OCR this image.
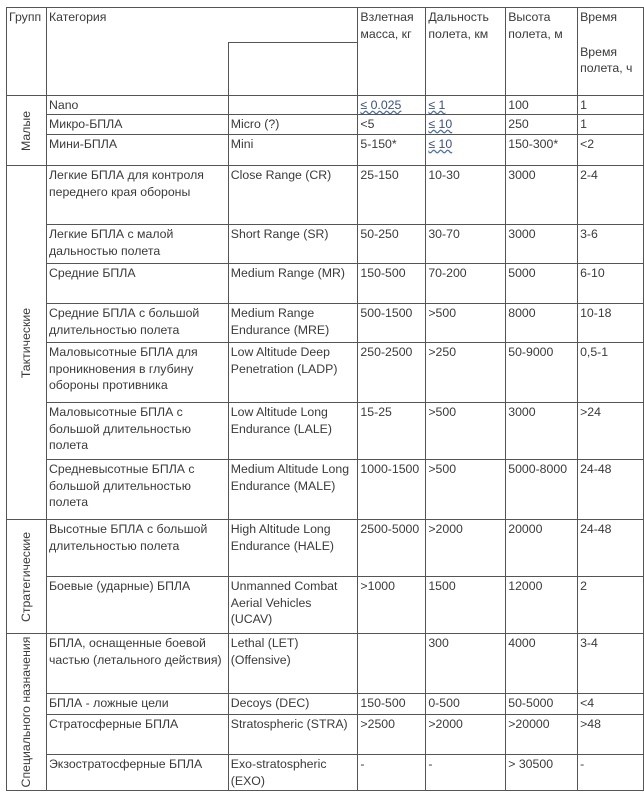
Групп	Категория		Взлетная масса, кг	Дальность полета, км	Высота полета, м	Время
						Время полета, ч

Малые	Nano		≤ 0.025	≤ 1	100	1
	Микро-БПЛА	Micro (?)	<5	≤ 10	250	1
	Мини-БПЛА	Mini	5-150*	≤ 10	150-300*	<2

Тактические	Легкие БПЛА для контроля переднего края обороны	Close Range (CR)	25-150	10-30	3000	2-4
	Легкие БПЛА с малой дальностью полета	Short Range (SR)	50-250	30-70	3000	3-6
	Средние БПЛА	Medium Range (MR)	150-500	70-200	5000	6-10
	Средние БПЛА с большой длительностью полета	Medium Range Endurance (MRE)	500-1500	>500	8000	10-18
	Маловысотные БПЛА для проникновения в глубину обороны противника	Low Altitude Deep Penetration (LADP)	250-2500	>250	50-9000	0,5-1
	Маловысотные БПЛА с большой длительностью полета	Low Altitude Long Endurance (LALE)	15-25	>500	3000	>24
	Средневысотные БПЛА с большой длительностью полета	Medium Altitude Long Endurance (MALE)	1000-1500	>500	5000-8000	24-48

Стратегические	Высотные БПЛА с большой длительностью полета	High Altitude Long Endurance (HALE)	2500-5000	>2000	20000	24-48
	Боевые (ударные) БПЛА	Unmanned Combat Aerial Vehicles (UCAV)	>1000	1500	12000	2

Специального назначения	БПЛА, оснащенные боевой частью (летального действия)	Lethal (LET) (Offensive)		300	4000	3-4
	БПЛА - ложные цели	Decoys (DEC)	150-500	0-500	50-5000	<4
	Стратосферные БПЛА	Stratospheric (STRA)	>2500	>2000	>20000	>48
	Экзостратосферные БПЛА	Exo-stratospheric (EXO)	-	-	> 30500	-
